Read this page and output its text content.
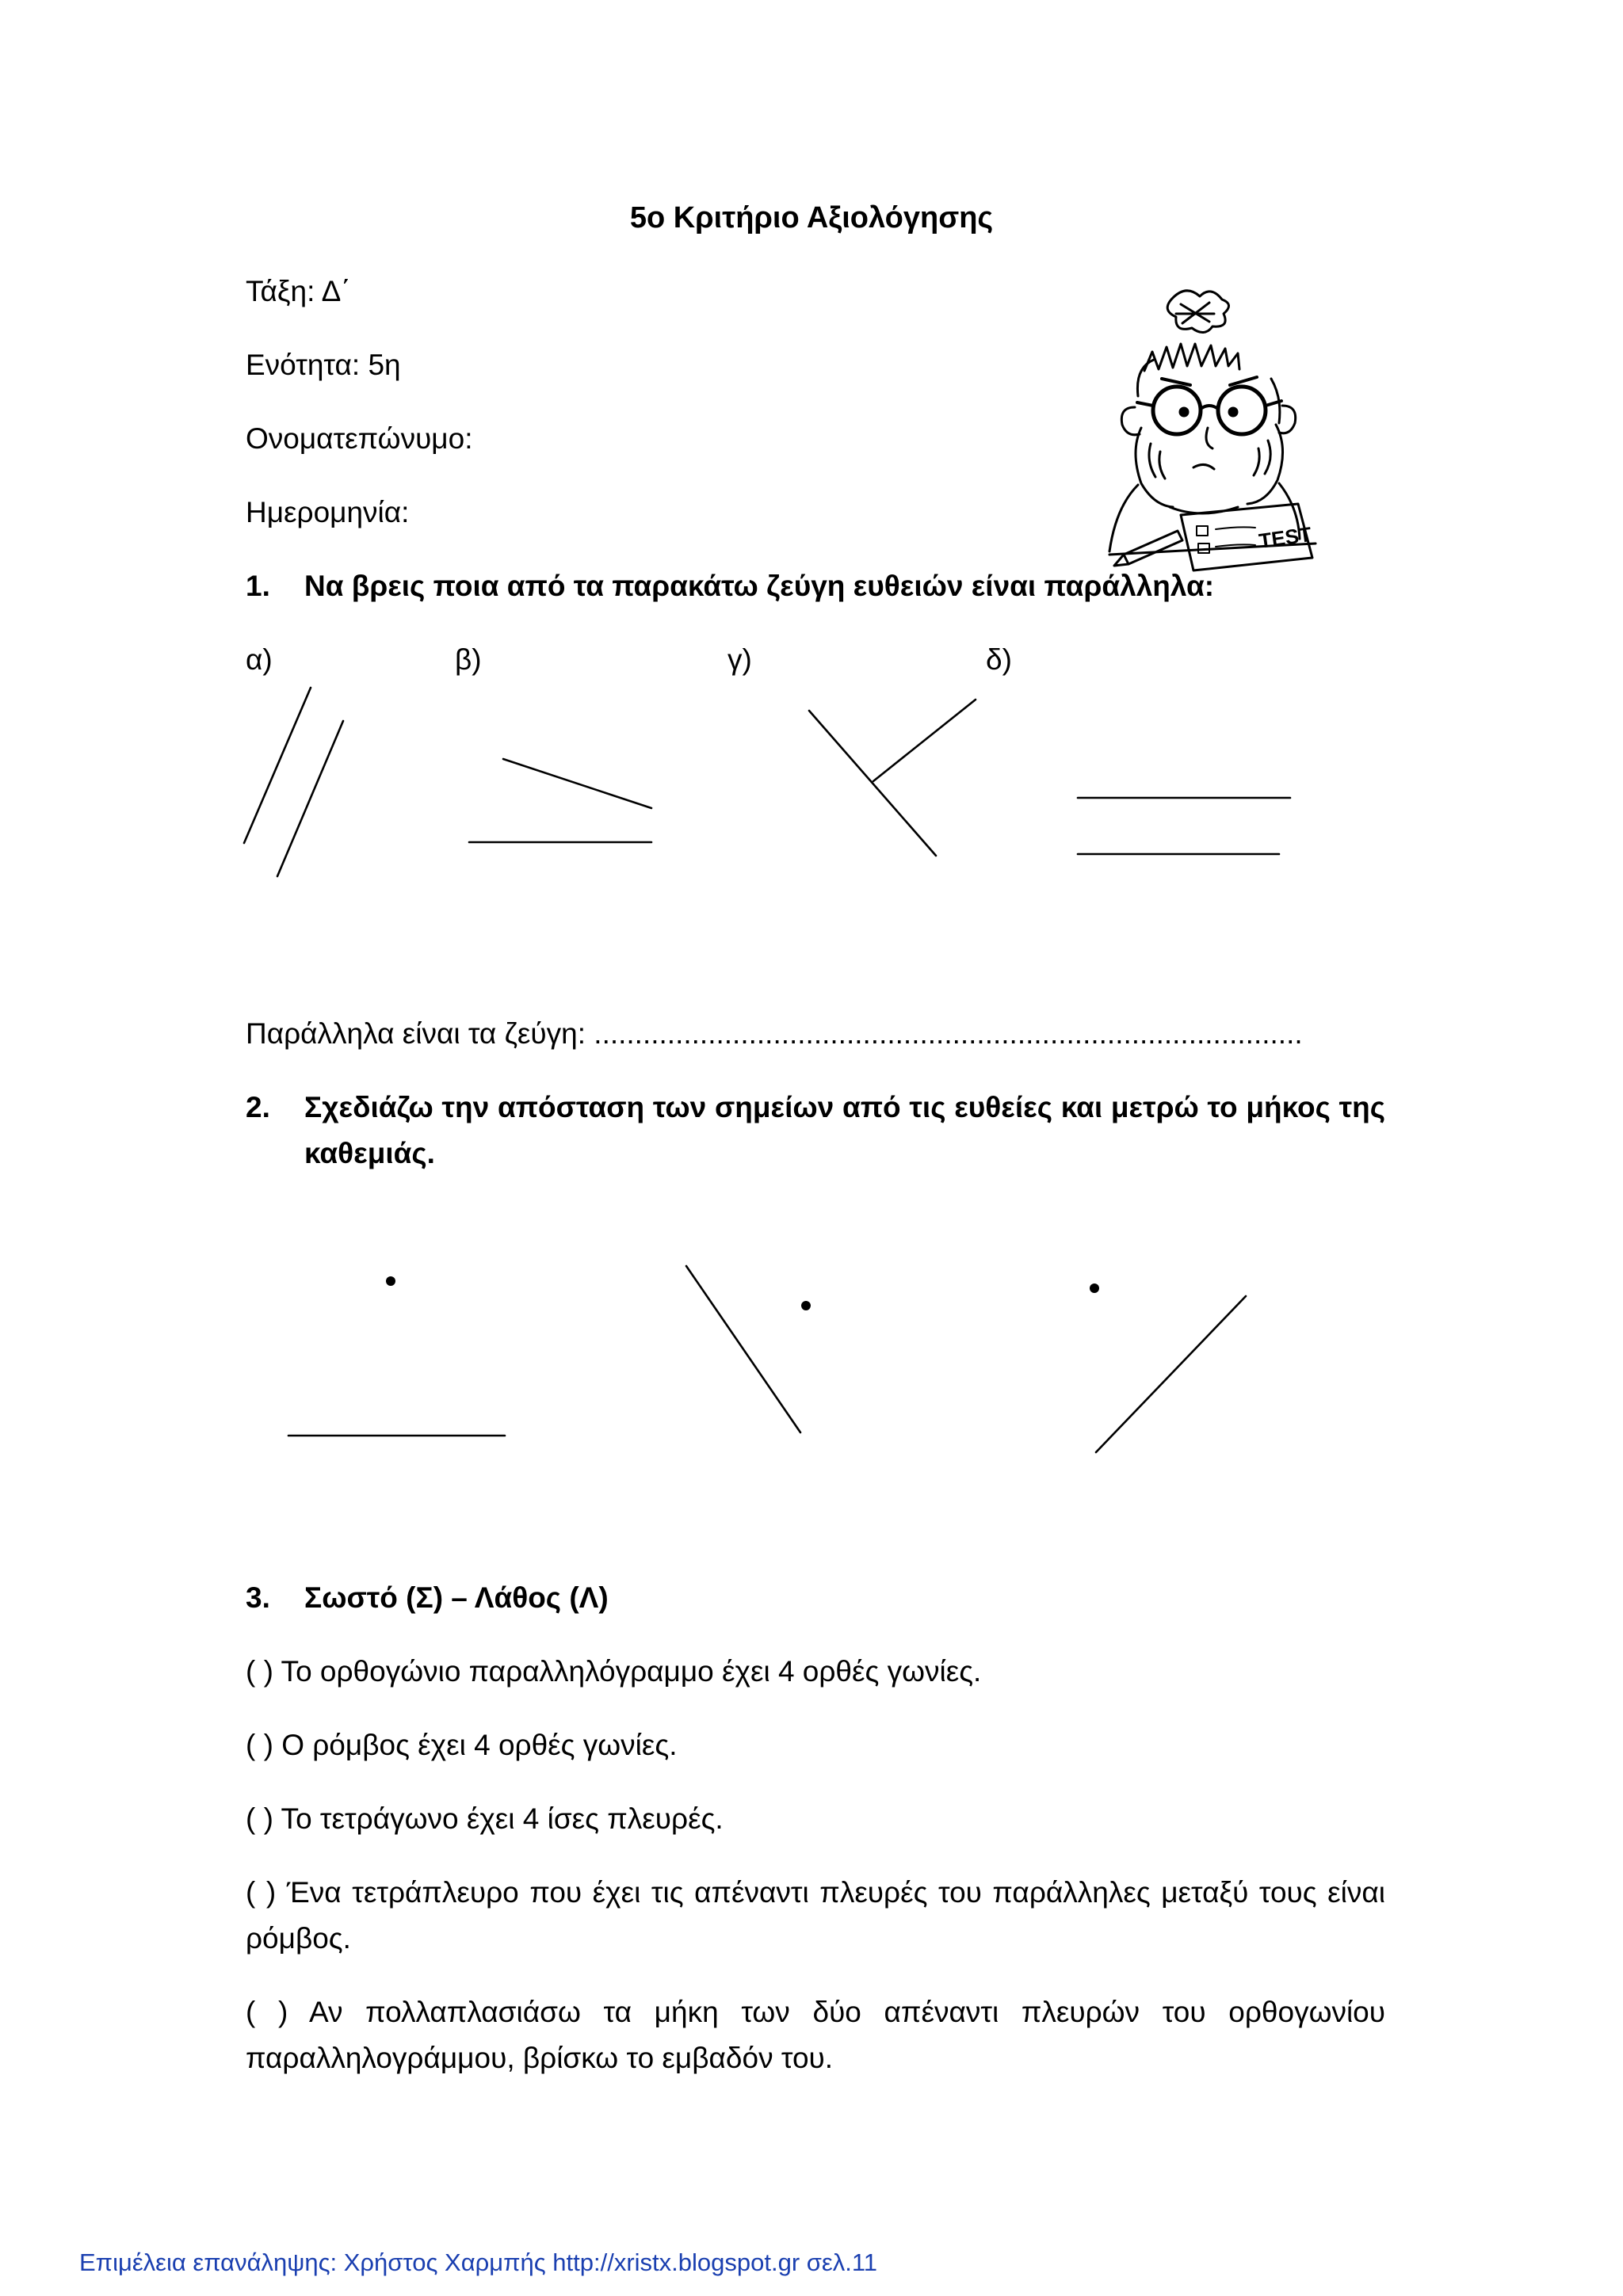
5ο Κριτήριο Αξιολόγησης
Τάξη: Δ΄
Ενότητα: 5η
Ονοματεπώνυμο:
Ημερομηνία:
1. Να βρεις ποια από τα παρακάτω ζεύγη ευθειών είναι παράλληλα:
α)	β)	γ)	δ)
Παράλληλα είναι τα ζεύγη: .......................................................................................
2. Σχεδιάζω την απόσταση των σημείων από τις ευθείες και μετρώ το μήκος της
καθεμιάς.
3. Σωστό (Σ) – Λάθος (Λ)
( ) Το ορθογώνιο παραλληλόγραμμο έχει 4 ορθές γωνίες.
( ) Ο ρόμβος έχει 4 ορθές γωνίες.
( ) Το τετράγωνο έχει 4 ίσες πλευρές.
( ) Ένα τετράπλευρο που έχει τις απέναντι πλευρές του παράλληλες μεταξύ τους είναι ρόμβος.
( ) Αν πολλαπλασιάσω τα μήκη των δύο απέναντι πλευρών του ορθογωνίου παραλληλογράμμου, βρίσκω το εμβαδόν του.
Επιμέλεια επανάληψης: Χρήστος Χαρμπής http://xristx.blogspot.gr σελ.11
TEST
